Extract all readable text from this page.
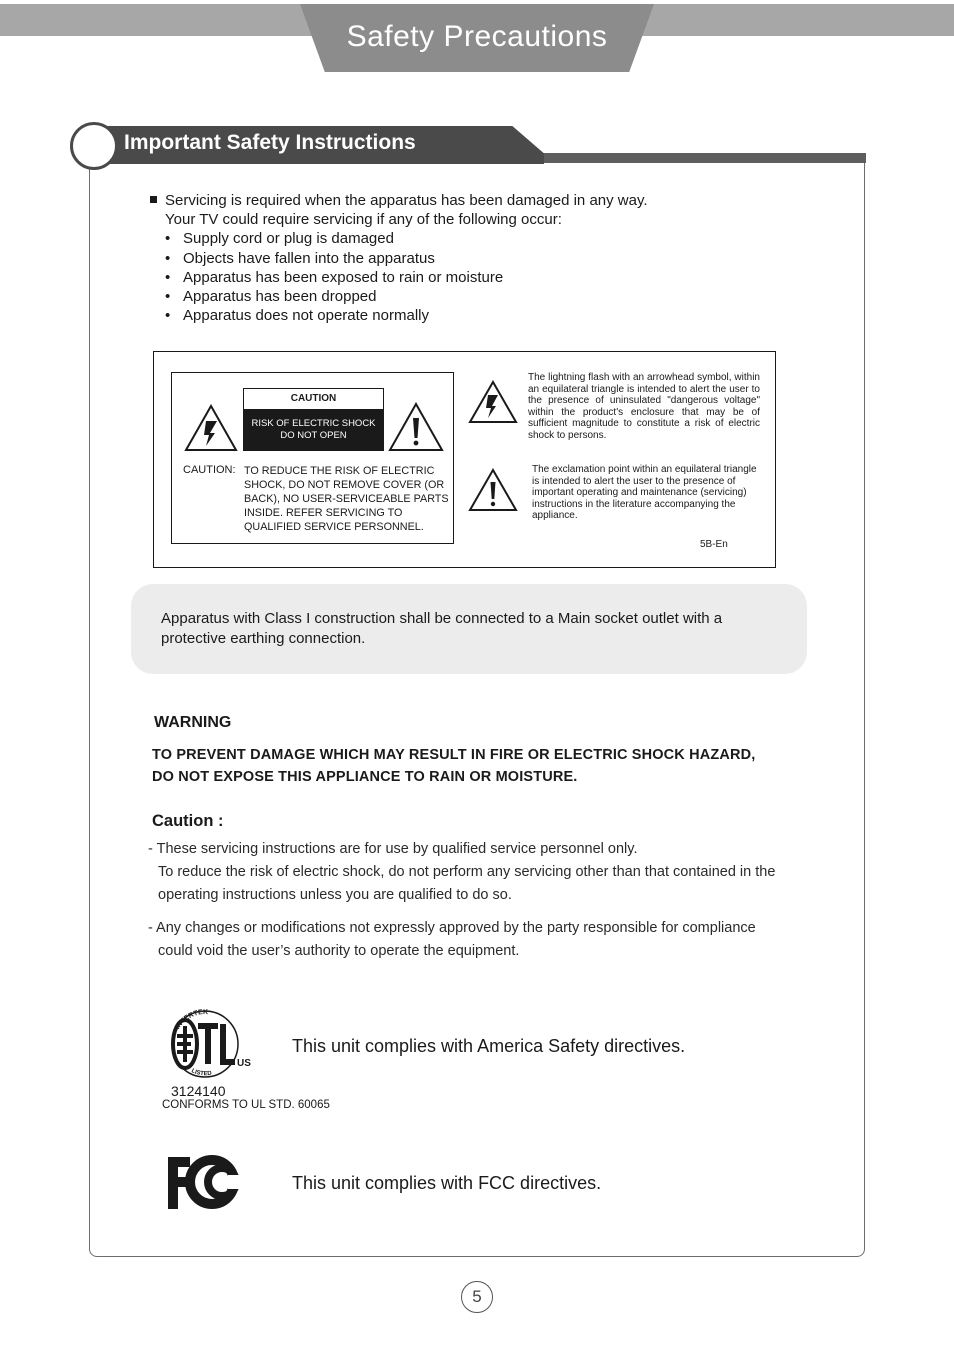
Safety Precautions
Important Safety Instructions
Servicing is required when the apparatus has been damaged in any way.
Your TV could require servicing if any of the following occur:
• Supply cord or plug is damaged
• Objects have fallen into the apparatus
• Apparatus has been exposed to rain or moisture
• Apparatus has been dropped
• Apparatus does not operate normally
CAUTION
RISK OF ELECTRIC SHOCK
DO NOT OPEN
CAUTION: TO REDUCE THE RISK OF ELECTRIC SHOCK, DO NOT REMOVE COVER (OR BACK), NO USER-SERVICEABLE PARTS INSIDE. REFER SERVICING TO QUALIFIED SERVICE PERSONNEL.
The lightning flash with an arrowhead symbol, within an equilateral triangle is intended to alert the user to the presence of uninsulated "dangerous voltage" within the product's enclosure that may be of sufficient magnitude to constitute a risk of electric shock to persons.
The exclamation point within an equilateral triangle is intended to alert the user to the presence of important operating and maintenance (servicing) instructions in the literature accompanying the appliance.
5B-En
Apparatus with Class I construction shall be connected to a Main socket outlet with a protective earthing connection.
WARNING
TO PREVENT DAMAGE WHICH MAY RESULT IN FIRE OR ELECTRIC SHOCK HAZARD,
DO NOT EXPOSE THIS APPLIANCE TO RAIN OR MOISTURE.
Caution :
- These servicing instructions are for use by qualified service personnel only.
To reduce the risk of electric shock, do not perform any servicing other than that contained in the operating instructions unless you are qualified to do so.
- Any changes or modifications not expressly approved by the party responsible for compliance
could void the user’s authority to operate the equipment.
INTERTEK
LISTED
US
3124140
CONFORMS TO UL STD. 60065
This unit complies with America Safety directives.
This unit complies with FCC directives.
5
